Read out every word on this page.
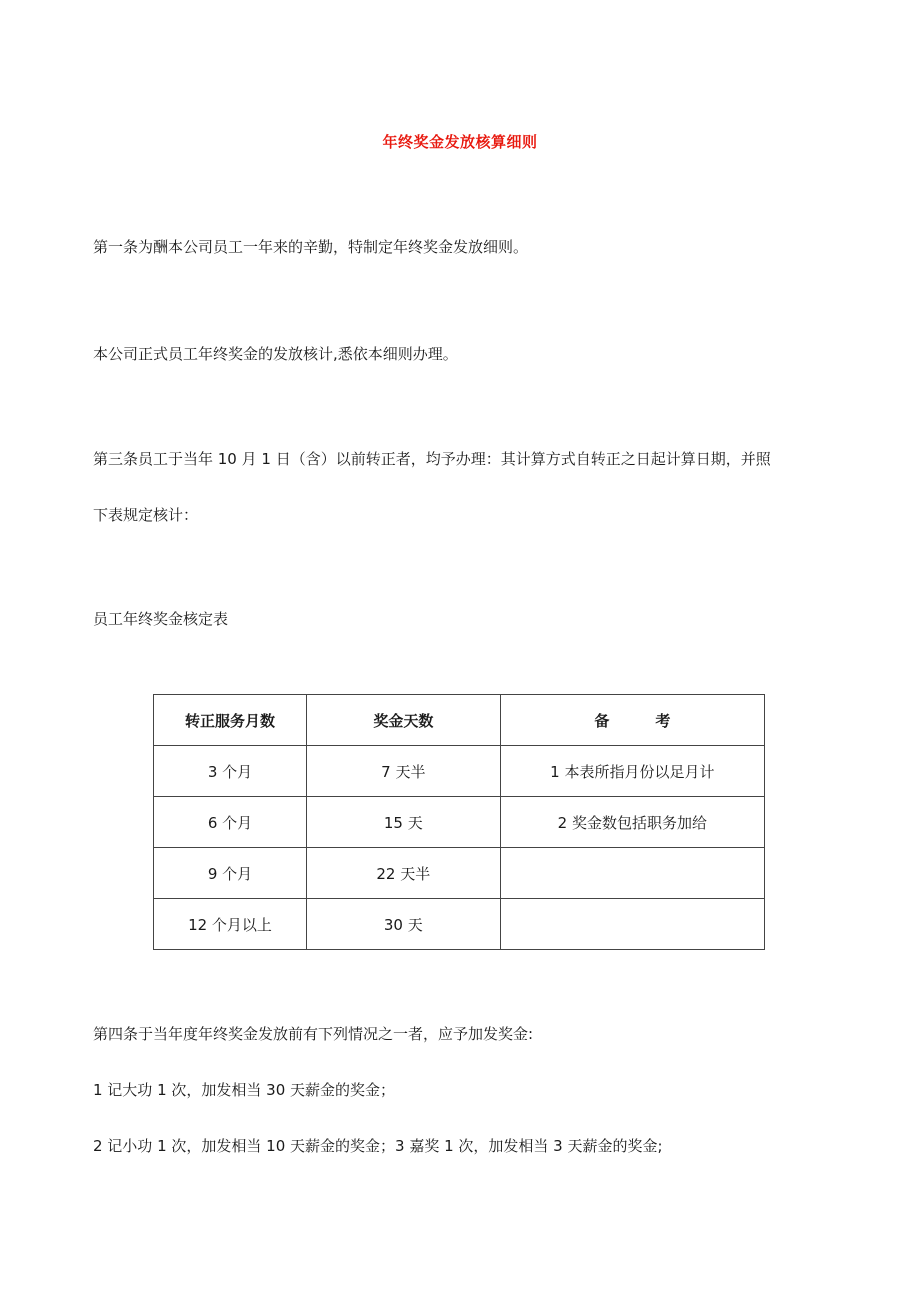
年终奖金发放核算细则
第一条为酬本公司员工一年来的辛勤，特制定年终奖金发放细则。
本公司正式员工年终奖金的发放核计,悉依本细则办理。
第三条员工于当年 10 月 1 日（含）以前转正者，均予办理：其计算方式自转正之日起计算日期，并照
下表规定核计：
员工年终奖金核定表
转正服务月数	奖金天数	备 考
3 个月	7 天半	1 本表所指月份以足月计
6 个月	15 天	2 奖金数包括职务加给
9 个月	22 天半	
12 个月以上	30 天	
第四条于当年度年终奖金发放前有下列情况之一者，应予加发奖金:
1 记大功 1 次，加发相当 30 天薪金的奖金；
2 记小功 1 次，加发相当 10 天薪金的奖金；3 嘉奖 1 次，加发相当 3 天薪金的奖金;
